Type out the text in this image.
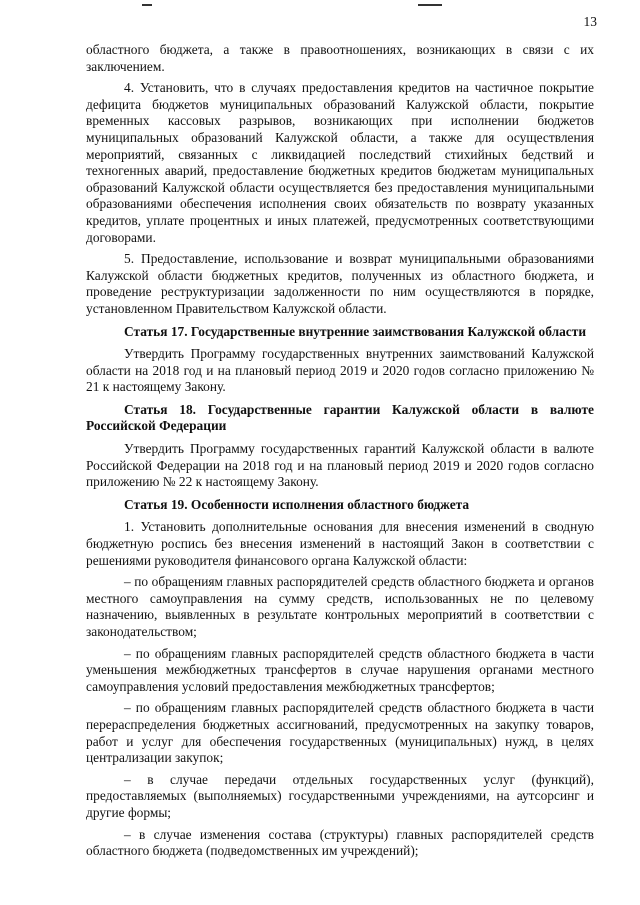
13

областного бюджета, а также в правоотношениях, возникающих в связи с их заключением.

4. Установить, что в случаях предоставления кредитов на частичное покрытие дефицита бюджетов муниципальных образований Калужской области, покрытие временных кассовых разрывов, возникающих при исполнении бюджетов муниципальных образований Калужской области, а также для осуществления мероприятий, связанных с ликвидацией последствий стихийных бедствий и техногенных аварий, предоставление бюджетных кредитов бюджетам муниципальных образований Калужской области осуществляется без предоставления муниципальными образованиями обеспечения исполнения своих обязательств по возврату указанных кредитов, уплате процентных и иных платежей, предусмотренных соответствующими договорами.

5. Предоставление, использование и возврат муниципальными образованиями Калужской области бюджетных кредитов, полученных из областного бюджета, и проведение реструктуризации задолженности по ним осуществляются в порядке, установленном Правительством Калужской области.

Статья 17. Государственные внутренние заимствования Калужской области

Утвердить Программу государственных внутренних заимствований Калужской области на 2018 год и на плановый период 2019 и 2020 годов согласно приложению № 21 к настоящему Закону.

Статья 18. Государственные гарантии Калужской области в валюте Российской Федерации

Утвердить Программу государственных гарантий Калужской области в валюте Российской Федерации на 2018 год и на плановый период 2019 и 2020 годов согласно приложению № 22 к настоящему Закону.

Статья 19. Особенности исполнения областного бюджета

1. Установить дополнительные основания для внесения изменений в сводную бюджетную роспись без внесения изменений в настоящий Закон в соответствии с решениями руководителя финансового органа Калужской области:

– по обращениям главных распорядителей средств областного бюджета и органов местного самоуправления на сумму средств, использованных не по целевому назначению, выявленных в результате контрольных мероприятий в соответствии с законодательством;

– по обращениям главных распорядителей средств областного бюджета в части уменьшения межбюджетных трансфертов в случае нарушения органами местного самоуправления условий предоставления межбюджетных трансфертов;

– по обращениям главных распорядителей средств областного бюджета в части перераспределения бюджетных ассигнований, предусмотренных на закупку товаров, работ и услуг для обеспечения государственных (муниципальных) нужд, в целях централизации закупок;

– в случае передачи отдельных государственных услуг (функций), предоставляемых (выполняемых) государственными учреждениями, на аутсорсинг и другие формы;

– в случае изменения состава (структуры) главных распорядителей средств областного бюджета (подведомственных им учреждений);
